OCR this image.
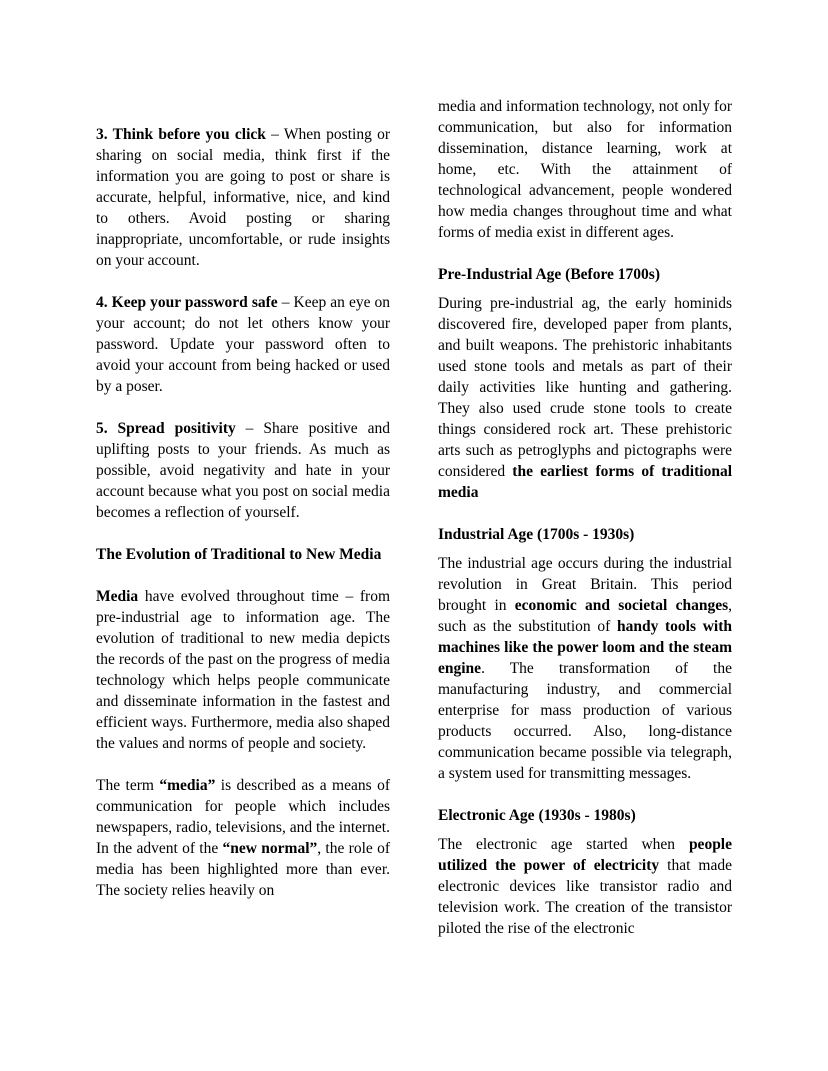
3. Think before you click – When posting or sharing on social media, think first if the information you are going to post or share is accurate, helpful, informative, nice, and kind to others. Avoid posting or sharing inappropriate, uncomfortable, or rude insights on your account.

4. Keep your password safe – Keep an eye on your account; do not let others know your password. Update your password often to avoid your account from being hacked or used by a poser.

5. Spread positivity – Share positive and uplifting posts to your friends. As much as possible, avoid negativity and hate in your account because what you post on social media becomes a reflection of yourself.

The Evolution of Traditional to New Media

Media have evolved throughout time – from pre-industrial age to information age. The evolution of traditional to new media depicts the records of the past on the progress of media technology which helps people communicate and disseminate information in the fastest and efficient ways. Furthermore, media also shaped the values and norms of people and society.

The term “media” is described as a means of communication for people which includes newspapers, radio, televisions, and the internet. In the advent of the “new normal”, the role of media has been highlighted more than ever. The society relies heavily on

media and information technology, not only for communication, but also for information dissemination, distance learning, work at home, etc. With the attainment of technological advancement, people wondered how media changes throughout time and what forms of media exist in different ages.

Pre-Industrial Age (Before 1700s)

During pre-industrial ag, the early hominids discovered fire, developed paper from plants, and built weapons. The prehistoric inhabitants used stone tools and metals as part of their daily activities like hunting and gathering. They also used crude stone tools to create things considered rock art. These prehistoric arts such as petroglyphs and pictographs were considered the earliest forms of traditional media

Industrial Age (1700s - 1930s)

The industrial age occurs during the industrial revolution in Great Britain. This period brought in economic and societal changes, such as the substitution of handy tools with machines like the power loom and the steam engine. The transformation of the manufacturing industry, and commercial enterprise for mass production of various products occurred. Also, long-distance communication became possible via telegraph, a system used for transmitting messages.

Electronic Age (1930s - 1980s)

The electronic age started when people utilized the power of electricity that made electronic devices like transistor radio and television work. The creation of the transistor piloted the rise of the electronic
